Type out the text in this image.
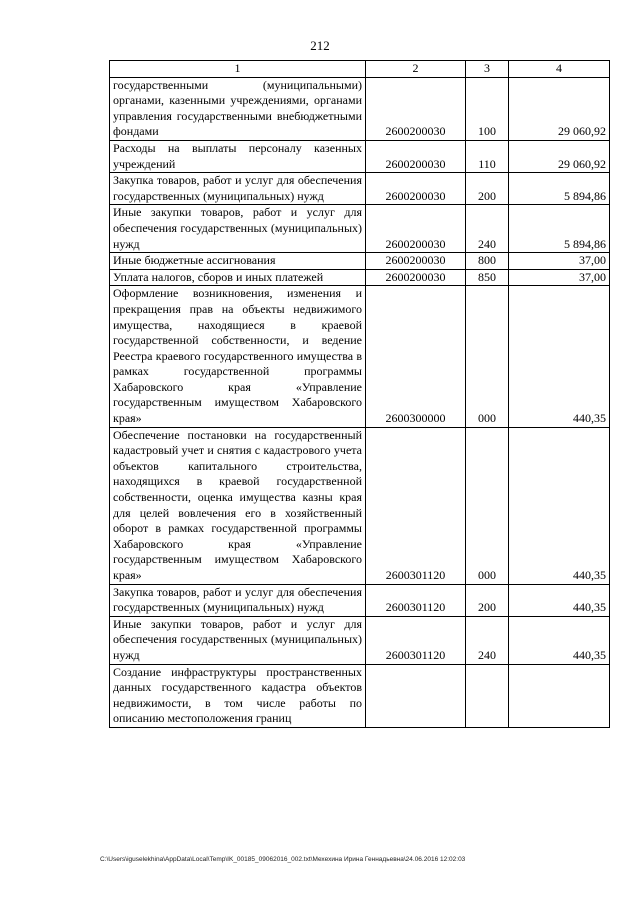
212
1	2	3	4
государственными (муниципальными) органами, казенными учреждениями, органами управления государственными внебюджетными фондами	2600200030	100	29 060,92
Расходы на выплаты персоналу казенных учреждений	2600200030	110	29 060,92
Закупка товаров, работ и услуг для обеспечения государственных (муниципальных) нужд	2600200030	200	5 894,86
Иные закупки товаров, работ и услуг для обеспечения государственных (муниципальных) нужд	2600200030	240	5 894,86
Иные бюджетные ассигнования	2600200030	800	37,00
Уплата налогов, сборов и иных платежей	2600200030	850	37,00
Оформление возникновения, изменения и прекращения прав на объекты недвижимого имущества, находящиеся в краевой государственной собственности, и ведение Реестра краевого государственного имущества в рамках государственной программы Хабаровского края «Управление государственным имуществом Хабаровского края»	2600300000	000	440,35
Обеспечение постановки на государственный кадастровый учет и снятия с кадастрового учета объектов капитального строительства, находящихся в краевой государственной собственности, оценка имущества казны края для целей вовлечения его в хозяйственный оборот в рамках государственной программы Хабаровского края «Управление государственным имуществом Хабаровского края»	2600301120	000	440,35
Закупка товаров, работ и услуг для обеспечения государственных (муниципальных) нужд	2600301120	200	440,35
Иные закупки товаров, работ и услуг для обеспечения государственных (муниципальных) нужд	2600301120	240	440,35
Создание инфраструктуры пространственных данных государственного кадастра объектов недвижимости, в том числе работы по описанию местоположения границ			
C:\Users\iguselekhina\AppData\Local\Temp\IK_00185_09062016_002.txt\Мехехина Ирина Геннадьевна\24.06.2016 12:02:03
